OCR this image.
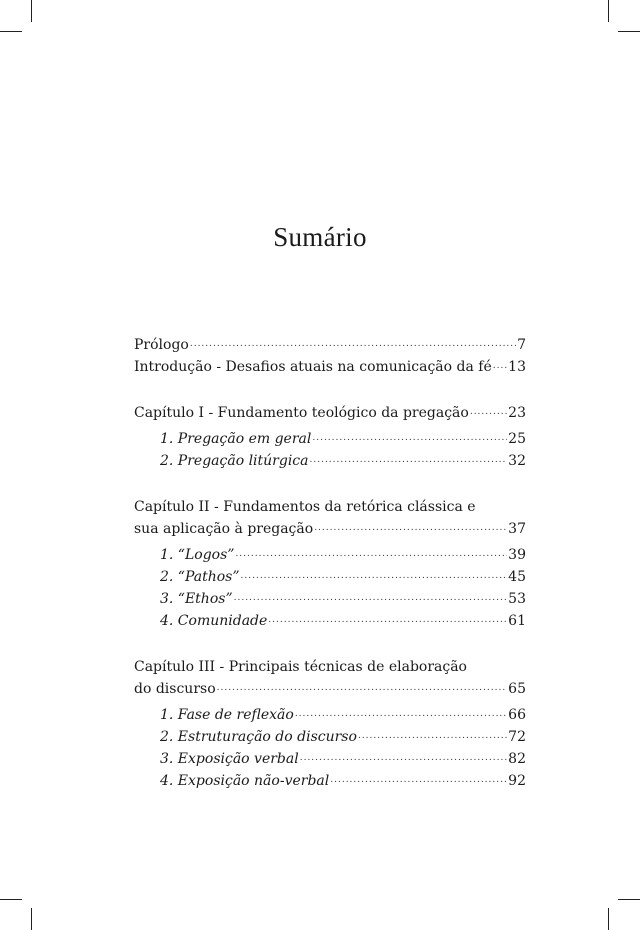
Sumário
Prólogo .....	7
Introdução - Desafios atuais na comunicação da fé ..... 13
Capítulo I - Fundamento teológico da pregação .....	23
1. Pregação em geral .....	25
2. Pregação litúrgica .....	32
Capítulo II - Fundamentos da retórica clássica e
sua aplicação à pregação .....	37
1. “Logos” .....	39
2. “Pathos” .....	45
3. “Ethos” .....	53
4. Comunidade .....	61
Capítulo III - Principais técnicas de elaboração
do discurso .....	65
1. Fase de reflexão .....	66
2. Estruturação do discurso .....	72
3. Exposição verbal .....	82
4. Exposição não-verbal .....	92
